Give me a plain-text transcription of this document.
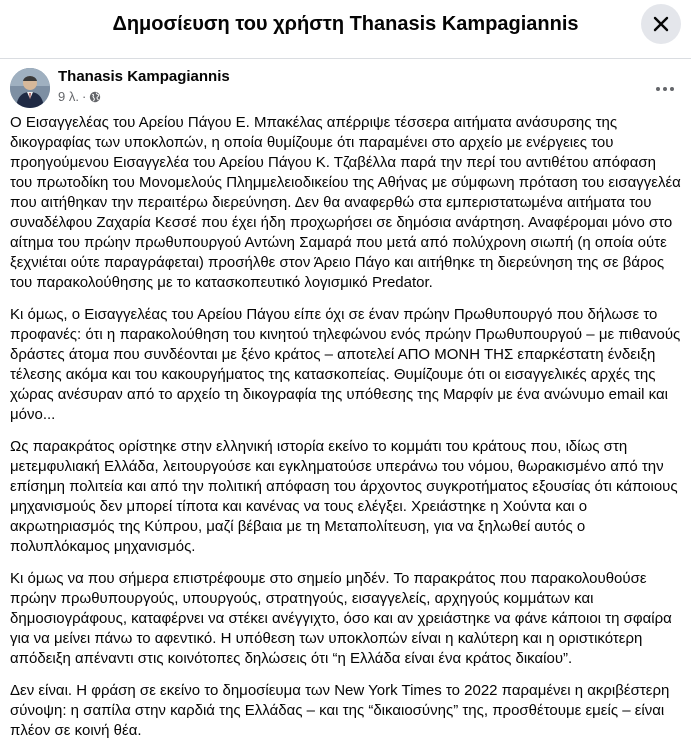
Δημοσίευση του χρήστη Thanasis Kampagiannis
Thanasis Kampagiannis
9 λ. ·

Ο Εισαγγελέας του Αρείου Πάγου Ε. Μπακέλας απέρριψε τέσσερα αιτήματα ανάσυρσης της δικογραφίας των υποκλοπών, η οποία θυμίζουμε ότι παραμένει στο αρχείο με ενέργειες του προηγούμενου Εισαγγελέα του Αρείου Πάγου Κ. Τζαβέλλα παρά την περί του αντιθέτου απόφαση του πρωτοδίκη του Μονομελούς Πλημμελειοδικείου της Αθήνας με σύμφωνη πρόταση του εισαγγελέα που αιτήθηκαν την περαιτέρω διερεύνηση. Δεν θα αναφερθώ στα εμπεριστατωμένα αιτήματα του συναδέλφου Ζαχαρία Κεσσέ που έχει ήδη προχωρήσει σε δημόσια ανάρτηση. Αναφέρομαι μόνο στο αίτημα του πρώην πρωθυπουργού Αντώνη Σαμαρά που μετά από πολύχρονη σιωπή (η οποία ούτε ξεχνιέται ούτε παραγράφεται) προσήλθε στον Άρειο Πάγο και αιτήθηκε τη διερεύνηση της σε βάρος του παρακολούθησης με το κατασκοπευτικό λογισμικό Predator.

Κι όμως, ο Εισαγγελέας του Αρείου Πάγου είπε όχι σε έναν πρώην Πρωθυπουργό που δήλωσε το προφανές: ότι η παρακολούθηση του κινητού τηλεφώνου ενός πρώην Πρωθυπουργού – με πιθανούς δράστες άτομα που συνδέονται με ξένο κράτος – αποτελεί ΑΠΟ ΜΟΝΗ ΤΗΣ επαρκέστατη ένδειξη τέλεσης ακόμα και του κακουργήματος της κατασκοπείας. Θυμίζουμε ότι οι εισαγγελικές αρχές της χώρας ανέσυραν από το αρχείο τη δικογραφία της υπόθεσης της Μαρφίν με ένα ανώνυμο email και μόνο...

Ως παρακράτος ορίστηκε στην ελληνική ιστορία εκείνο το κομμάτι του κράτους που, ιδίως στη μετεμφυλιακή Ελλάδα, λειτουργούσε και εγκληματούσε υπεράνω του νόμου, θωρακισμένο από την επίσημη πολιτεία και από την πολιτική απόφαση του άρχοντος συγκροτήματος εξουσίας ότι κάποιους μηχανισμούς δεν μπορεί τίποτα και κανένας να τους ελέγξει. Χρειάστηκε η Χούντα και ο ακρωτηριασμός της Κύπρου, μαζί βέβαια με τη Μεταπολίτευση, για να ξηλωθεί αυτός ο πολυπλόκαμος μηχανισμός.

Κι όμως να που σήμερα επιστρέφουμε στο σημείο μηδέν. Το παρακράτος που παρακολουθούσε πρώην πρωθυπουργούς, υπουργούς, στρατηγούς, εισαγγελείς, αρχηγούς κομμάτων και δημοσιογράφους, καταφέρνει να στέκει ανέγγιχτο, όσο και αν χρειάστηκε να φάνε κάποιοι τη σφαίρα για να μείνει πάνω το αφεντικό. Η υπόθεση των υποκλοπών είναι η καλύτερη και η οριστικότερη απόδειξη απέναντι στις κοινότοπες δηλώσεις ότι “η Ελλάδα είναι ένα κράτος δικαίου”.

Δεν είναι. Η φράση σε εκείνο το δημοσίευμα των New York Times το 2022 παραμένει η ακριβέστερη σύνοψη: η σαπίλα στην καρδιά της Ελλάδας – και της “δικαιοσύνης” της, προσθέτουμε εμείς – είναι πλέον σε κοινή θέα.
